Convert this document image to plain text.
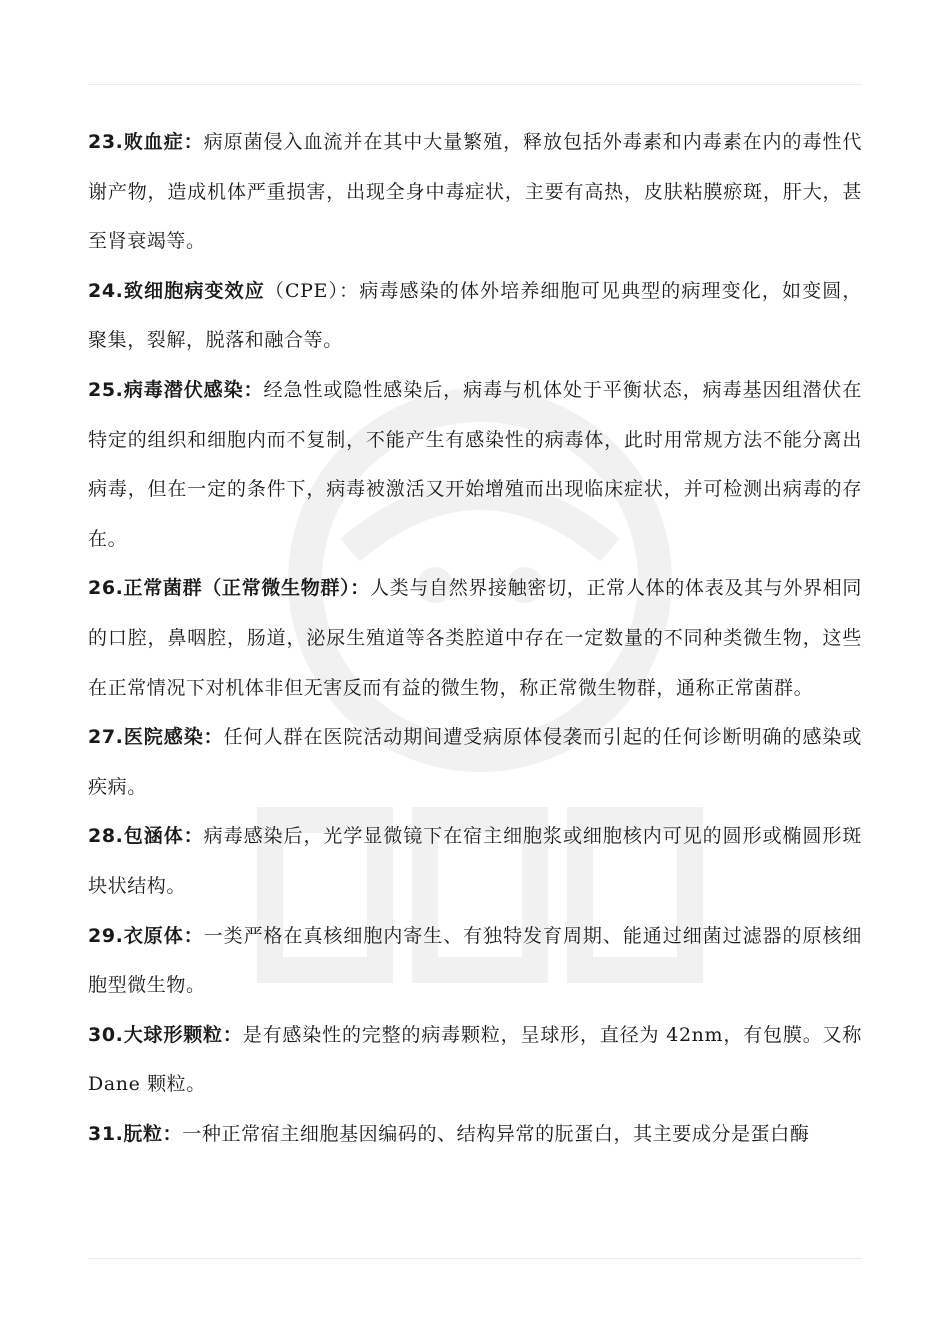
23.败血症：病原菌侵入血流并在其中大量繁殖，释放包括外毒素和内毒素在内的毒性代谢产物，造成机体严重损害，出现全身中毒症状，主要有高热，皮肤粘膜瘀斑，肝大，甚至肾衰竭等。

24.致细胞病变效应（CPE）：病毒感染的体外培养细胞可见典型的病理变化，如变圆，聚集，裂解，脱落和融合等。

25.病毒潜伏感染：经急性或隐性感染后，病毒与机体处于平衡状态，病毒基因组潜伏在特定的组织和细胞内而不复制，不能产生有感染性的病毒体，此时用常规方法不能分离出病毒，但在一定的条件下，病毒被激活又开始增殖而出现临床症状，并可检测出病毒的存在。

26.正常菌群（正常微生物群）：人类与自然界接触密切，正常人体的体表及其与外界相同的口腔，鼻咽腔，肠道，泌尿生殖道等各类腔道中存在一定数量的不同种类微生物，这些在正常情况下对机体非但无害反而有益的微生物，称正常微生物群，通称正常菌群。

27.医院感染：任何人群在医院活动期间遭受病原体侵袭而引起的任何诊断明确的感染或疾病。

28.包涵体：病毒感染后，光学显微镜下在宿主细胞浆或细胞核内可见的圆形或椭圆形斑块状结构。

29.衣原体：一类严格在真核细胞内寄生、有独特发育周期、能通过细菌过滤器的原核细胞型微生物。

30.大球形颗粒：是有感染性的完整的病毒颗粒，呈球形，直径为 42nm，有包膜。又称 Dane 颗粒。

31.朊粒：一种正常宿主细胞基因编码的、结构异常的朊蛋白，其主要成分是蛋白酶
